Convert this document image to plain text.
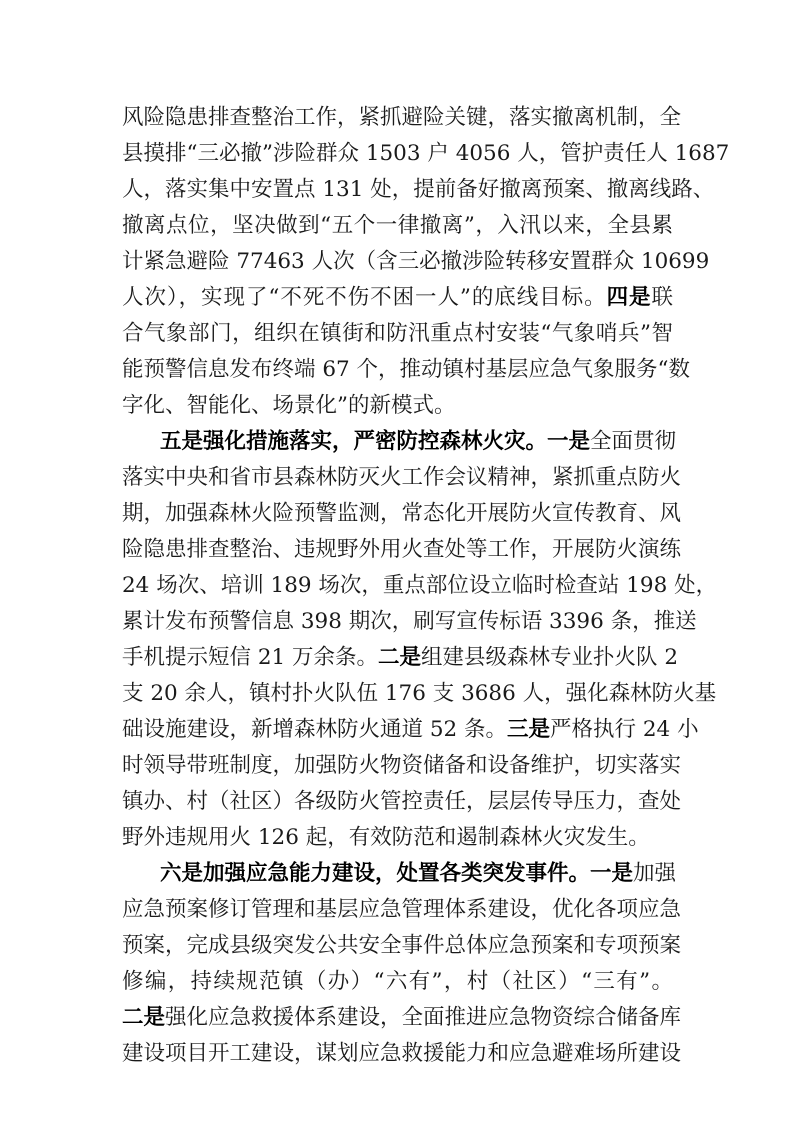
风险隐患排查整治工作，紧抓避险关键，落实撤离机制，全
县摸排“三必撤”涉险群众 1503 户 4056 人，管护责任人 1687
人，落实集中安置点 131 处，提前备好撤离预案、撤离线路、
撤离点位，坚决做到“五个一律撤离”，入汛以来，全县累
计紧急避险 77463 人次（含三必撤涉险转移安置群众 10699
人次），实现了“不死不伤不困一人”的底线目标。四是联
合气象部门，组织在镇街和防汛重点村安装“气象哨兵”智
能预警信息发布终端 67 个，推动镇村基层应急气象服务“数
字化、智能化、场景化”的新模式。
五是强化措施落实，严密防控森林火灾。一是全面贯彻
落实中央和省市县森林防灭火工作会议精神，紧抓重点防火
期，加强森林火险预警监测，常态化开展防火宣传教育、风
险隐患排查整治、违规野外用火查处等工作，开展防火演练
24 场次、培训 189 场次，重点部位设立临时检查站 198 处，
累计发布预警信息 398 期次，刷写宣传标语 3396 条，推送
手机提示短信 21 万余条。二是组建县级森林专业扑火队 2
支 20 余人，镇村扑火队伍 176 支 3686 人，强化森林防火基
础设施建设，新增森林防火通道 52 条。三是严格执行 24 小
时领导带班制度，加强防火物资储备和设备维护，切实落实
镇办、村（社区）各级防火管控责任，层层传导压力，查处
野外违规用火 126 起，有效防范和遏制森林火灾发生。
六是加强应急能力建设，处置各类突发事件。一是加强
应急预案修订管理和基层应急管理体系建设，优化各项应急
预案，完成县级突发公共安全事件总体应急预案和专项预案
修编，持续规范镇（办）“六有”，村（社区）“三有”。
二是强化应急救援体系建设，全面推进应急物资综合储备库
建设项目开工建设，谋划应急救援能力和应急避难场所建设
